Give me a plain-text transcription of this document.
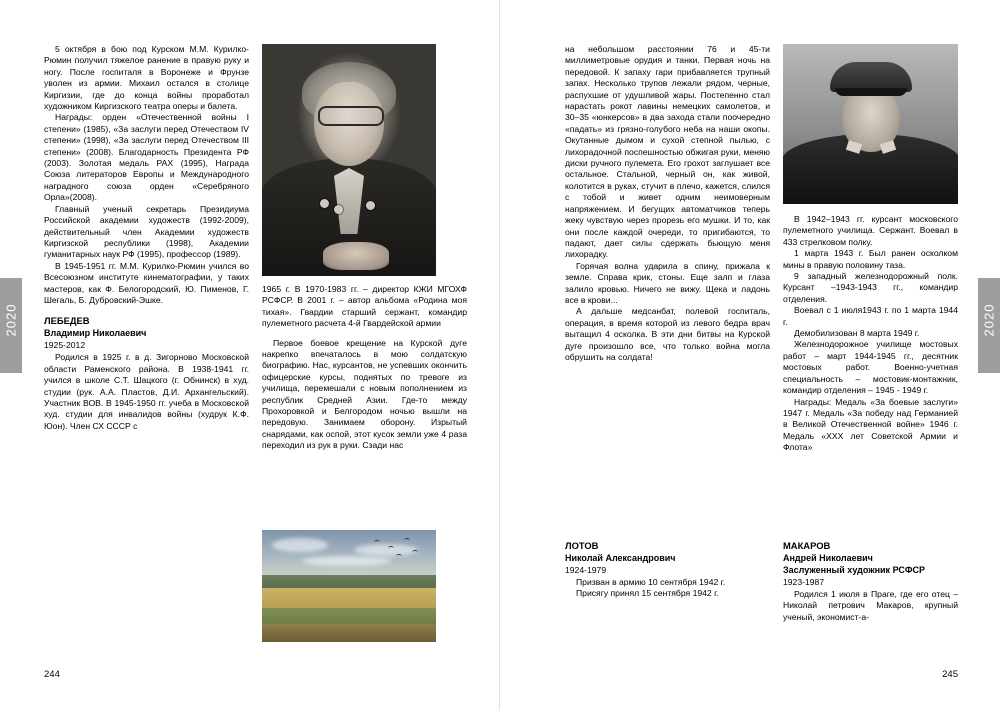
2020	2020

5 октября в бою под Курском М.М. Курилко-Рюмин получил тяжелое ранение в правую руку и ногу. После госпиталя в Воронеже и Фрунзе уволен из армии. Михаил остался в столице Киргизии, где до конца войны проработал художником Киргизского театра оперы и балета.

Награды: орден «Отечественной войны I степени» (1985), «За заслуги перед Отечеством IV степени» (1998), «За заслуги перед Отечеством III степени» (2008). Благодарность Президента РФ (2003). Золотая медаль РАХ (1995), Награда Союза литераторов Европы и Международного наградного союза орден «Серебряного Орла»(2008).

Главный ученый секретарь Президиума Российской академии художеств (1992-2009), действительный член Академии художеств Киргизской республики (1998), Академии гуманитарных наук РФ (1995), профессор (1989).

В 1945-1951 гг. М.М. Курилко-Рюмин учился во Всесоюзном институте кинематографии, у таких мастеров, как Ф. Белогородский, Ю. Пименов, Г. Шегаль, Б. Дубровский-Эшке.

ЛЕБЕДЕВ
Владимир Николаевич
1925-2012

Родился в 1925 г. в д. Зигорново Московской области Раменского района. В 1938-1941 гг. учился в школе С.Т. Шацкого (г. Обнинск) в худ. студии (рук. А.А. Пластов, Д.И. Архангельский). Участник ВОВ. В 1945-1950 гг. учеба в Московской худ. студии для инвалидов войны (худрук К.Ф. Юон). Член СХ СССР с

1965 г. В 1970-1983 гг. – директор КЖИ МГОХФ РСФСР. В 2001 г. – автор альбома «Родина моя тихая». Гвардии старший сержант, командир пулеметного расчета 4-й Гвардейской армии

Первое боевое крещение на Курской дуге накрепко впечаталось в мою солдатскую биографию. Нас, курсантов, не успевших окончить офицерские курсы, поднятых по тревоге из училища, перемешали с новым пополнением из республик Средней Азии. Где-то между Прохоровкой и Белгородом ночью вышли на передовую. Занимаем оборону. Изрытый снарядами, как оспой, этот кусок земли уже 4 раза переходил из рук в руки. Сзади нас

на небольшом расстоянии 76 и 45-ти миллиметровые орудия и танки. Первая ночь на передовой. К запаху гари прибавляется трупный запах. Несколько трупов лежали рядом, черные, распухшие от удушливой жары. Постепенно стал нарастать рокот лавины немецких самолетов, и 30–35 «юнкерсов» в два захода стали поочередно «падать» из грязно-голубого неба на наши окопы. Окутанные дымом и сухой степной пылью, с лихорадочной поспешностью обжигая руки, меняю диски ручного пулемета. Его грохот заглушает все остальное. Стальной, черный он, как живой, колотится в руках, стучит в плечо, кажется, слился с тобой и живет одним неимоверным напряжением. И бегущих автоматчиков теперь жеку чувствую через прорезь его мушки. И то, как они после каждой очереди, то пригибаются, то падают, дает силы сдержать бьющую меня лихорадку.

Горячая волна ударила в спину, прижала к земле. Справа крик, стоны. Еще залп и глаза залило кровью. Ничего не вижу. Щека и ладонь все в крови...

А дальше медсанбат, полевой госпиталь, операция, в время которой из левого бедра врач вытащил 4 осколка. В эти дни битвы на Курской дуге произошло все, что только война могла обрушить на солдата!

ЛОТОВ
Николай Александрович
1924-1979

Призван в армию 10 сентября 1942 г.

Присягу принял 15 сентября 1942 г.

В 1942–1943 гг. курсант московского пулеметного училища. Сержант. Воевал в 433 стрелковом полку.

1 марта 1943 г. Был ранен осколком мины в правую половину таза.

9 западный железнодорожный полк. Курсант –1943-1943 гг., командир отделения.

Воевал с 1 июля1943 г. по 1 марта 1944 г.

Демобилизован 8 марта 1949 г.

Железнодорожное училище мостовых работ – март 1944-1945 гг., десятник мостовых работ. Военно-учетная специальность – мостовик-монтажник, командир отделения – 1945 - 1949 г.

Награды: Медаль «За боевые заслуги» 1947 г. Медаль «За победу над Германией в Великой Отечественной войне» 1946 г. Медаль «ХХХ лет Советской Армии и Флота»

МАКАРОВ
Андрей Николаевич
Заслуженный художник РСФСР
1923-1987

Родился 1 июля в Праге, где его отец – Николай петрович Макаров, крупный ученый, экономист-а-

244	245
